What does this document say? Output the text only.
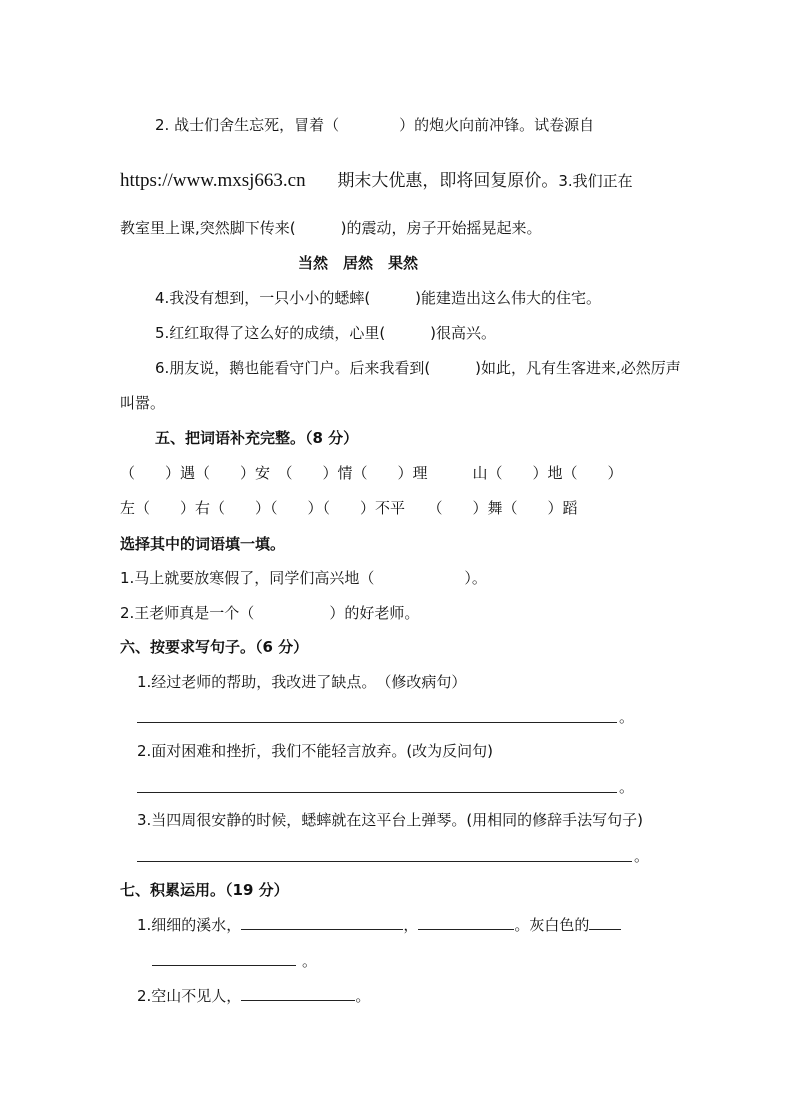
2. 战士们舍生忘死，冒着（　　　　）的炮火向前冲锋。试卷源自
https://www.mxsj663.cn 期末大优惠，即将回复原价。3.我们正在
教室里上课,突然脚下传来(　　　)的震动，房子开始摇晃起来。
当然　居然　果然
4.我没有想到，一只小小的蟋蟀(　　　)能建造出这么伟大的住宅。
5.红红取得了这么好的成绩，心里(　　　)很高兴。
6.朋友说，鹅也能看守门户。后来我看到(　　　)如此，凡有生客进来,必然厉声
叫嚣。
五、把词语补充完整。（8 分）
（　　）遇（　　）安　（　　）情（　　）理　　　山（　　）地（　　）
左（　　）右（　　）（　　）（　　）不平　　（　　）舞（　　）蹈
选择其中的词语填一填。
1.马上就要放寒假了，同学们高兴地（　　　　　　）。
2.王老师真是一个（　　　　　）的好老师。
六、按要求写句子。（6 分）
1.经过老师的帮助，我改进了缺点。　（修改病句）
。
2.面对困难和挫折，我们不能轻言放弃。(改为反问句)
。
3.当四周很安静的时候，蟋蟀就在这平台上弹琴。(用相同的修辞手法写句子)
。
七、积累运用。（19 分）
1.细细的溪水，	，	。灰白色的
。
2.空山不见人，	。
